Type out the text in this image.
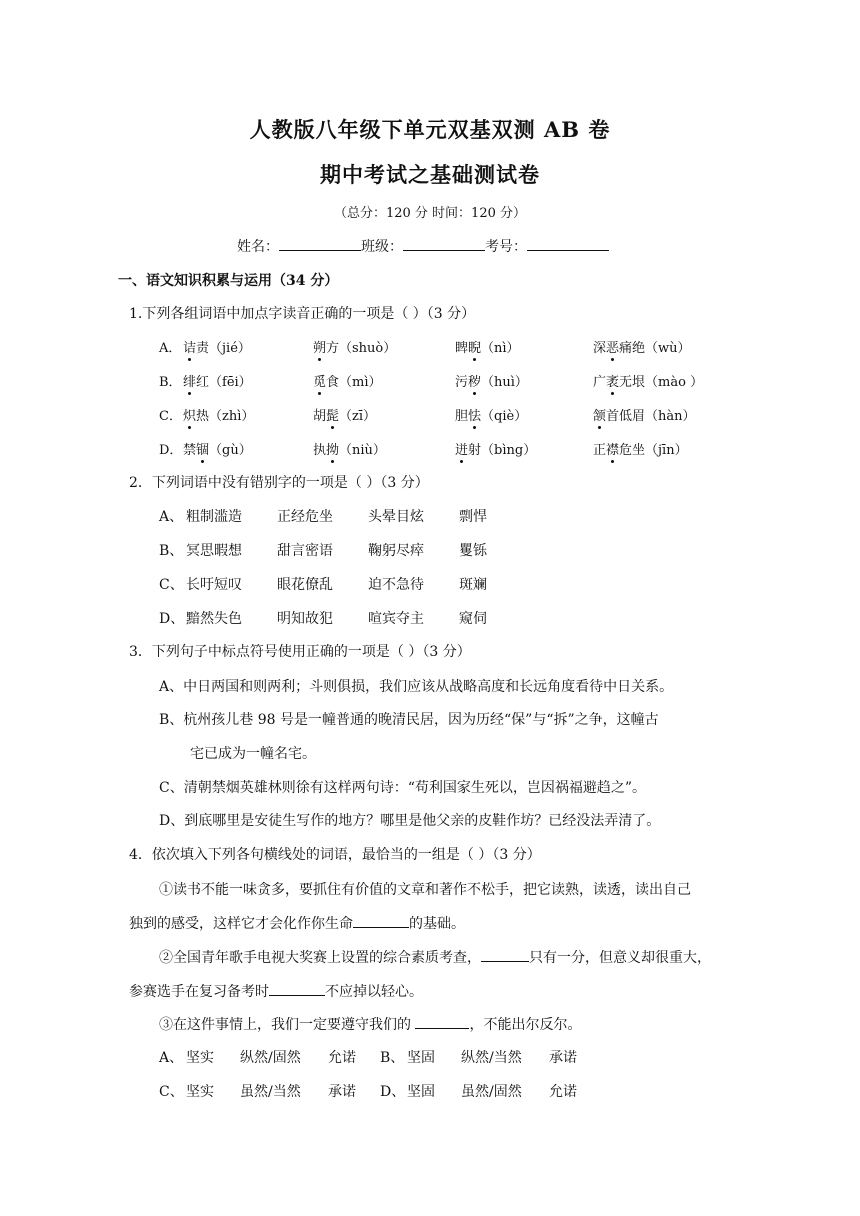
人教版八年级下单元双基双测 AB 卷
期中考试之基础测试卷
（总分：120 分 时间：120 分）
姓名：	班级：	考号：
一、语文知识积累与运用（34 分）
1.下列各组词语中加点字读音正确的一项是（ ）（3 分）
A． 诘责（jié）	朔方（shuò）	睥睨（nì）	深恶痛绝（wù）
B． 绯红（fēi）	觅食（mì）	污秽（huì）	广袤无垠（mào ）
C． 炽热（zhì）	胡髭（zī）	胆怯（qiè）	颔首低眉（hàn）
D． 禁锢（gù）	执拗（niù）	迸射（bìng）	正襟危坐（jīn）
2．下列词语中没有错别字的一项是（ ）（3 分）
A、 粗制滥造	正经危坐	头晕目炫	剽悍
B、 冥思暇想	甜言密语	鞠躬尽瘁	矍铄
C、 长吁短叹	眼花僚乱	迫不急待	斑斓
D、 黯然失色	明知故犯	喧宾夺主	窥伺
3．下列句子中标点符号使用正确的一项是（ ）（3 分）
A、中日两国和则两利；斗则俱损，我们应该从战略高度和长远角度看待中日关系。
B、杭州孩儿巷 98 号是一幢普通的晚清民居，因为历经“保”与“拆”之争，这幢古
宅已成为一幢名宅。
C、清朝禁烟英雄林则徐有这样两句诗：“苟利国家生死以，岂因祸福避趋之”。
D、到底哪里是安徒生写作的地方？哪里是他父亲的皮鞋作坊？已经没法弄清了。
4．依次填入下列各句横线处的词语，最恰当的一组是（ ）（3 分）
①读书不能一味贪多，要抓住有价值的文章和著作不松手，把它读熟，读透，读出自己
独到的感受，这样它才会化作你生命	的基础。
②全国青年歌手电视大奖赛上设置的综合素质考查，	只有一分，但意义却很重大，
参赛选手在复习备考时	不应掉以轻心。
③在这件事情上，我们一定要遵守我们的	，不能出尔反尔。
A、 坚实 纵然/固然 允诺 B、 坚固 纵然/当然 承诺
C、 坚实 虽然/当然 承诺 D、 坚固 虽然/固然 允诺
